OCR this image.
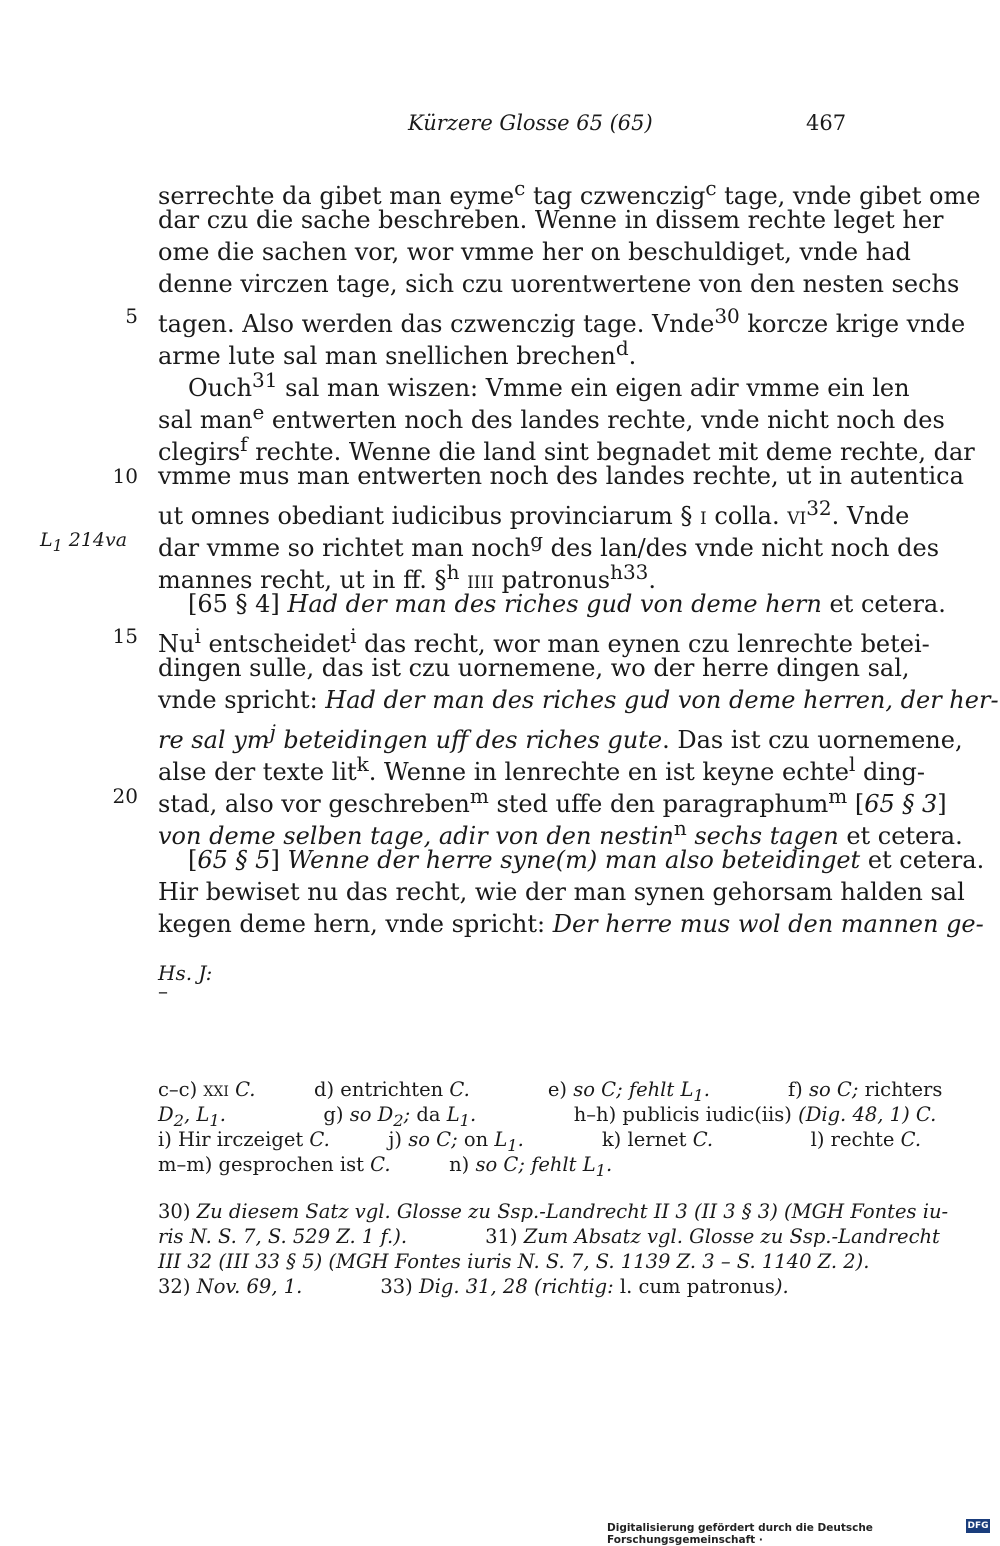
Kürzere Glosse 65 (65)	467
serrechte da gibet man eyme$^c$ tag czwenczig$^c$ tage, vnde gibet ome
dar czu die sache beschreben. Wenne in dissem rechte leget her
ome die sachen vor, wor vmme her on beschuldiget, vnde had
denne virczen tage, sich czu uorentwertene von den nesten sechs
tagen. Also werden das czwenczig tage. Vnde$^{30}$ korcze krige vnde
arme lute sal man snellichen brechen$^d$.
Ouch$^{31}$ sal man wiszen: Vmme ein eigen adir vmme ein len
sal man$^e$ entwerten noch des landes rechte, vnde nicht noch des
clegirs$^f$ rechte. Wenne die land sint begnadet mit deme rechte, dar
vmme mus man entwerten noch des landes rechte, ut in autentica
ut omnes obediant iudicibus provinciarum § i colla. $vi^{32}$. Vnde
dar vmme so richtet man noch$^g$ des lan/des vnde nicht noch des
mannes recht, ut in ff. §$^h$ iiii patronus$^{h33}$.
[65 § 4] Had der man des riches gud von deme hern et cetera.
Nu$^i$ entscheidet$^i$ das recht, wor man eynen czu lenrechte betei-
dingen sulle, das ist czu uornemene, wo der herre dingen sal,
vnde spricht: Had der man des riches gud von deme herren, der her-
re sal $ym^j$ beteidingen uff des riches gute. Das ist czu uornemene,
alse der texte lit$^k$. Wenne in lenrechte en ist keyne echte$^l$ ding-
stad, also vor geschreben$^m$ sted uffe den paragraphum$^m$ [65 § 3]
von deme selben tage, adir von den nestin$^n$ sechs tagen et cetera.
[65 § 5] Wenne der herre syne(m) man also beteidinget et cetera.
Hir bewiset nu das recht, wie der man synen gehorsam halden sal
kegen deme hern, vnde spricht: Der herre mus wol den mannen ge-
5
10
15
20
$L_1$ 214va
Hs. J:
–
c–c) xxi C.   d) entrichten C.    e) so C; fehlt $L_1$.    f) so C; richters
$D_2$, $L_1$.     g) so $D_2$; da $L_1$.     h–h) publicis iudic(iis) (Dig. 48, 1) C.
i) Hir irczeiget C.   j) so C; on $L_1$.    k) lernet C.     l) rechte C.
m–m) gesprochen ist C.   n) so C; fehlt $L_1$.
30) Zu diesem Satz vgl. Glosse zu Ssp.-Landrecht II 3 (II 3 § 3) (MGH Fontes iu-
ris N. S. 7, S. 529 Z. 1 f.).    31) Zum Absatz vgl. Glosse zu Ssp.-Landrecht
III 32 (III 33 § 5) (MGH Fontes iuris N. S. 7, S. 1139 Z. 3 – S. 1140 Z. 2).
32) Nov. 69, 1.    33) Dig. 31, 28 (richtig: l. cum patronus).
Digitalisierung gefördert durch die Deutsche Forschungsgemeinschaft ·
DFG
